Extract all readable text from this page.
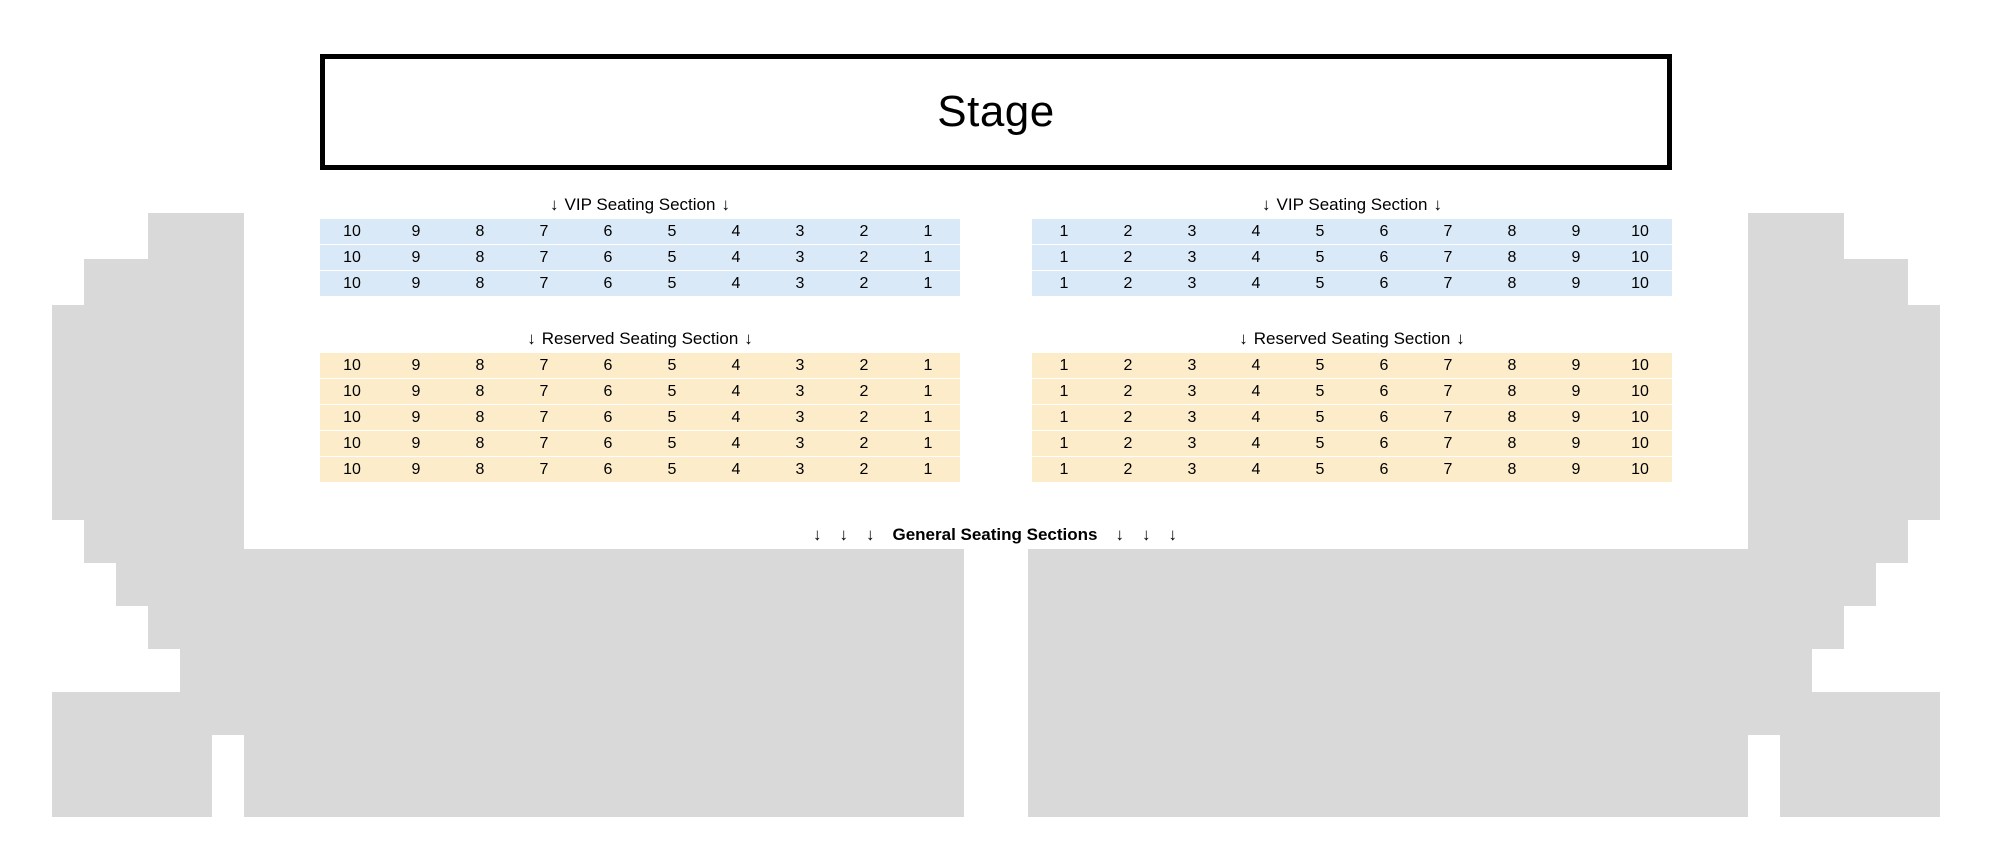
Stage
↓ VIP Seating Section ↓
10	9	8	7	6	5	4	3	2	1
10	9	8	7	6	5	4	3	2	1
10	9	8	7	6	5	4	3	2	1
↓ VIP Seating Section ↓
1	2	3	4	5	6	7	8	9	10
1	2	3	4	5	6	7	8	9	10
1	2	3	4	5	6	7	8	9	10
↓ Reserved Seating Section ↓
10	9	8	7	6	5	4	3	2	1
10	9	8	7	6	5	4	3	2	1
10	9	8	7	6	5	4	3	2	1
10	9	8	7	6	5	4	3	2	1
10	9	8	7	6	5	4	3	2	1
↓ Reserved Seating Section ↓
1	2	3	4	5	6	7	8	9	10
1	2	3	4	5	6	7	8	9	10
1	2	3	4	5	6	7	8	9	10
1	2	3	4	5	6	7	8	9	10
1	2	3	4	5	6	7	8	9	10
↓ ↓ ↓ General Seating Sections ↓ ↓ ↓
